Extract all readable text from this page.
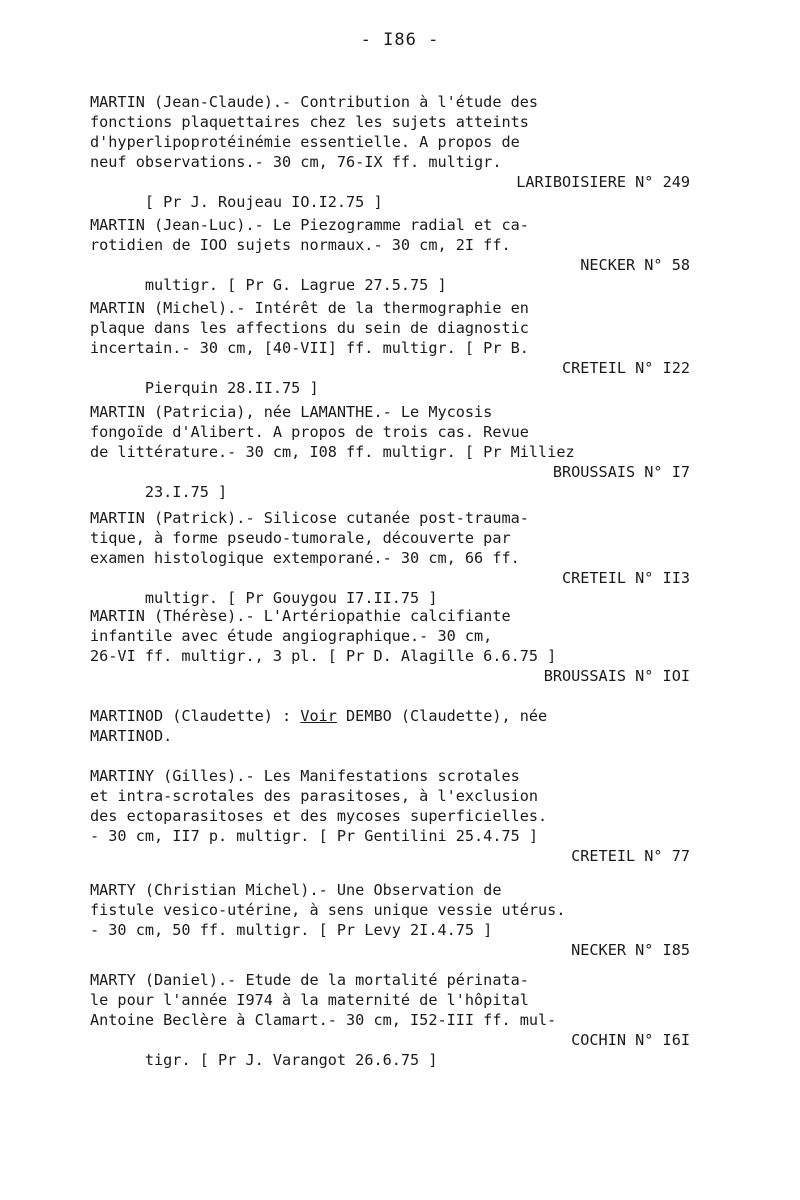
- I86 -
MARTIN (Jean-Claude).- Contribution à l'étude des
fonctions plaquettaires chez les sujets atteints
d'hyperlipoprotéinémie essentielle. A propos de
neuf observations.- 30 cm, 76-IX ff. multigr.

[ Pr J. Roujeau IO.I2.75 ]

LARIBOISIERE N° 249

MARTIN (Jean-Luc).- Le Piezogramme radial et ca-
rotidien de IOO sujets normaux.- 30 cm, 2I ff.

multigr. [ Pr G. Lagrue 27.5.75 ]

NECKER N° 58

MARTIN (Michel).- Intérêt de la thermographie en
plaque dans les affections du sein de diagnostic
incertain.- 30 cm, [40-VII] ff. multigr. [ Pr B.

Pierquin 28.II.75 ]

CRETEIL N° I22

MARTIN (Patricia), née LAMANTHE.- Le Mycosis
fongoïde d'Alibert. A propos de trois cas. Revue
de littérature.- 30 cm, I08 ff. multigr. [ Pr Milliez

23.I.75 ]

BROUSSAIS N° I7

MARTIN (Patrick).- Silicose cutanée post-trauma-
tique, à forme pseudo-tumorale, découverte par
examen histologique extemporané.- 30 cm, 66 ff.

multigr. [ Pr Gouygou I7.II.75 ]

CRETEIL N° II3

MARTIN (Thérèse).- L'Artériopathie calcifiante
infantile avec étude angiographique.- 30 cm,
26-VI ff. multigr., 3 pl. [ Pr D. Alagille 6.6.75 ]
BROUSSAIS N° IOI
MARTINOD (Claudette) : Voir DEMBO (Claudette), née
MARTINOD.
MARTINY (Gilles).- Les Manifestations scrotales
et intra-scrotales des parasitoses, à l'exclusion
des ectoparasitoses et des mycoses superficielles.
- 30 cm, II7 p. multigr. [ Pr Gentilini 25.4.75 ]
CRETEIL N° 77
MARTY (Christian Michel).- Une Observation de
fistule vesico-utérine, à sens unique vessie utérus.
- 30 cm, 50 ff. multigr. [ Pr Levy 2I.4.75 ]
NECKER N° I85
MARTY (Daniel).- Etude de la mortalité périnata-
le pour l'année I974 à la maternité de l'hôpital
Antoine Beclère à Clamart.- 30 cm, I52-III ff. mul-

tigr. [ Pr J. Varangot 26.6.75 ]

COCHIN N° I6I
